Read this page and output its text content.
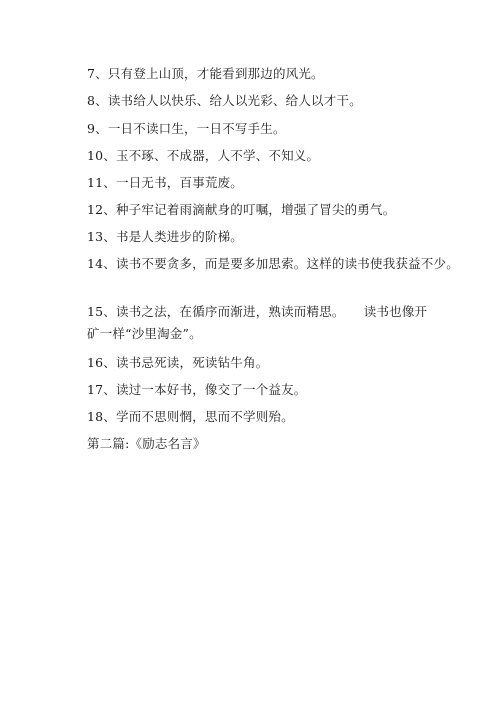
7、只有登上山顶，才能看到那边的风光。
8、读书给人以快乐、给人以光彩、给人以才干。
9、一日不读口生，一日不写手生。
10、玉不琢、不成器，人不学、不知义。
11、一日无书，百事荒废。
12、种子牢记着雨滴献身的叮嘱，增强了冒尖的勇气。
13、书是人类进步的阶梯。
14、读书不要贪多，而是要多加思索。这样的读书使我获益不少。
15、读书之法，在循序而渐进，熟读而精思。　　读书也像开矿一样“沙里淘金”。
16、读书忌死读，死读钻牛角。
17、读过一本好书，像交了一个益友。
18、学而不思则惘，思而不学则殆。
第二篇:《励志名言》
